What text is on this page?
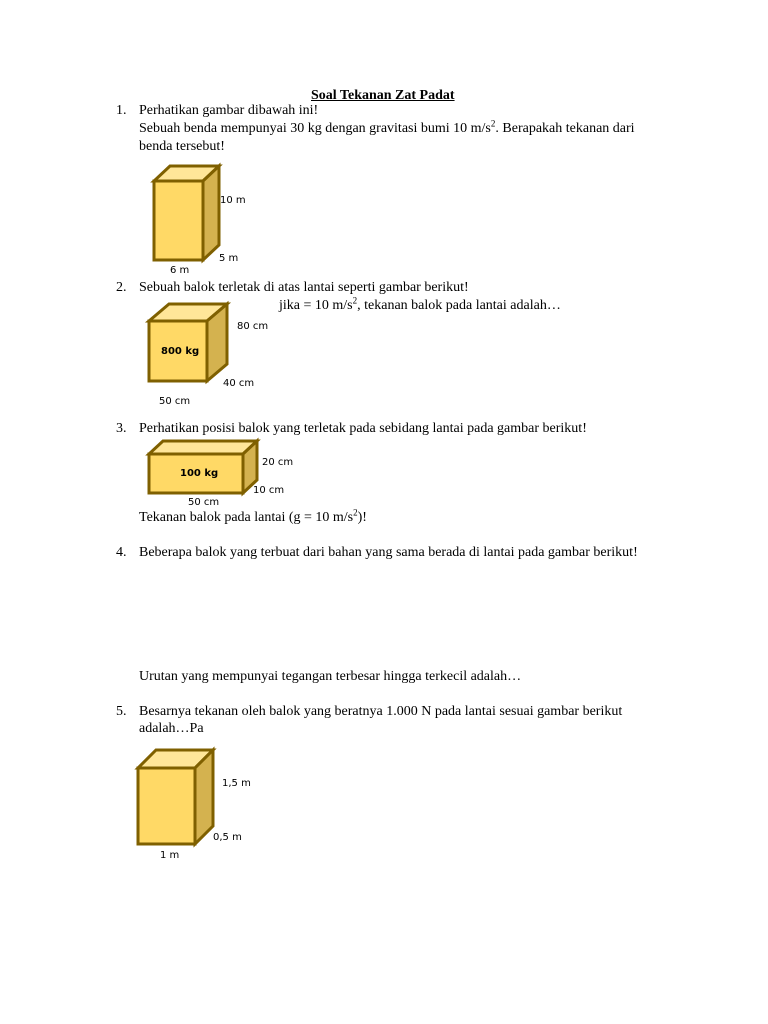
Soal Tekanan Zat Padat
1. Perhatikan gambar dibawah ini!
Sebuah benda mempunyai 30 kg dengan gravitasi bumi 10 $m/s^2$. Berapakah tekanan dari
benda tersebut!
10 m
5 m
6 m
2. Sebuah balok terletak di atas lantai seperti gambar berikut!
jika = 10 $m/s^2$, tekanan balok pada lantai adalah…
800 kg
80 cm
40 cm
50 cm
3. Perhatikan posisi balok yang terletak pada sebidang lantai pada gambar berikut!
100 kg
20 cm
10 cm
50 cm
Tekanan balok pada lantai (g = 10 $m/s^2$)!
4. Beberapa balok yang terbuat dari bahan yang sama berada di lantai pada gambar berikut!
Urutan yang mempunyai tegangan terbesar hingga terkecil adalah…
5. Besarnya tekanan oleh balok yang beratnya 1.000 N pada lantai sesuai gambar berikut
adalah…Pa
1,5 m
0,5 m
1 m
